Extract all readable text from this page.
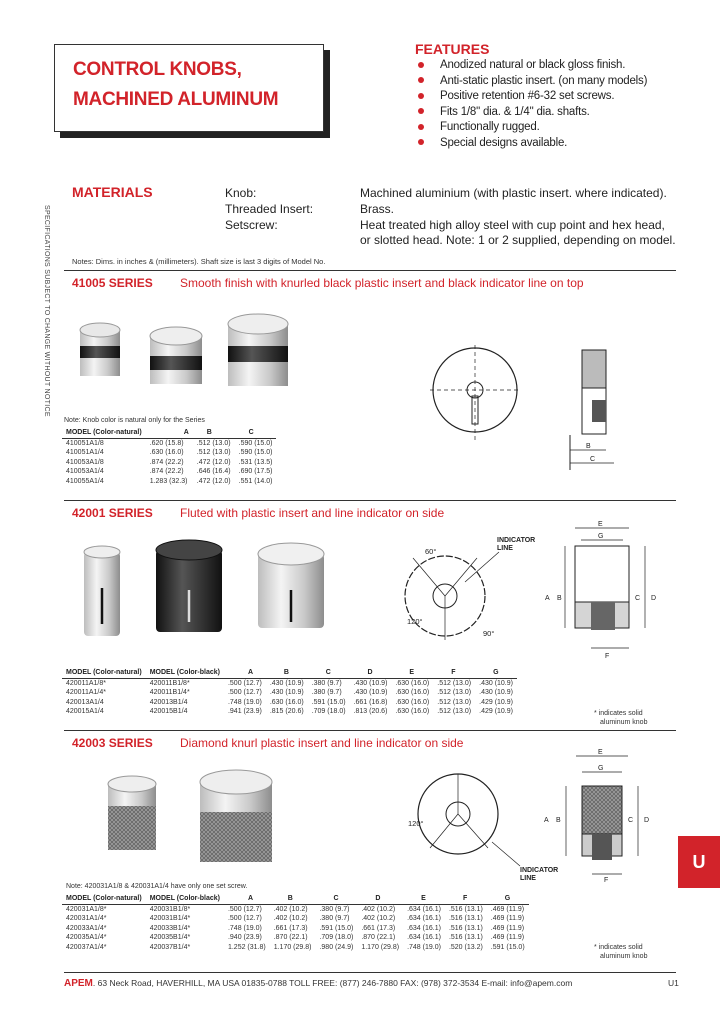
CONTROL KNOBS,
MACHINED ALUMINUM
FEATURES
Anodized natural or black gloss finish.
Anti-static plastic insert. (on many models)
Positive retention #6-32 set screws.
Fits 1/8" dia. & 1/4" dia. shafts.
Functionally rugged.
Special designs available.
SPECIFICATIONS SUBJECT TO CHANGE WITHOUT NOTICE
MATERIALS	Knob:	Machined aluminium (with plastic insert. where indicated).
Threaded Insert:	Brass.
Setscrew:	Heat treated high alloy steel with cup point and hex head,
or slotted head. Note: 1 or 2 supplied, depending on model.
Notes: Dims. in inches & (millimeters). Shaft size is last 3 digits of Model No.
41005 SERIES Smooth finish with knurled black plastic insert and black indicator line on top
B
C
Note: Knob color is natural only for the Series
MODEL (Color-natural)	A	B	C
410051A1/8	.620 (15.8)	.512 (13.0)	.590 (15.0)
410051A1/4	.630 (16.0)	.512 (13.0)	.590 (15.0)
410053A1/8	.874 (22.2)	.472 (12.0)	.531 (13.5)
410053A1/4	.874 (22.2)	.646 (16.4)	.690 (17.5)
410055A1/4	1.283 (32.3)	.472 (12.0)	.551 (14.0)
42001 SERIES Fluted with plastic insert and line indicator on side
60°
120°
90°
INDICATOR
LINE
E
G
A B	C D
F
MODEL (Color-natural)	MODEL (Color-black)	A	B	C	D	E	F	G
420011A1/8*	420011B1/8*	.500 (12.7)	.430 (10.9)	.380 (9.7)	.430 (10.9)	.630 (16.0)	.512 (13.0)	.430 (10.9)
420011A1/4*	420011B1/4*	.500 (12.7)	.430 (10.9)	.380 (9.7)	.430 (10.9)	.630 (16.0)	.512 (13.0)	.430 (10.9)
420013A1/4	420013B1/4	.748 (19.0)	.630 (16.0)	.591 (15.0)	.661 (16.8)	.630 (16.0)	.512 (13.0)	.429 (10.9)
420015A1/4	420015B1/4	.941 (23.9)	.815 (20.6)	.709 (18.0)	.813 (20.6)	.630 (16.0)	.512 (13.0)	.429 (10.9)	* indicates solid
aluminum knob
42003 SERIES Diamond knurl plastic insert and line indicator on side
120°
INDICATOR
LINE
E
G
A B	C D
F
Note: 420031A1/8 & 420031A1/4 have only one set screw.
MODEL (Color-natural)	MODEL (Color-black)	A	B	C	D	E	F	G
420031A1/8*	420031B1/8*	.500 (12.7)	.402 (10.2)	.380 (9.7)	.402 (10.2)	.634 (16.1)	.516 (13.1)	.469 (11.9)
420031A1/4*	420031B1/4*	.500 (12.7)	.402 (10.2)	.380 (9.7)	.402 (10.2)	.634 (16.1)	.516 (13.1)	.469 (11.9)
420033A1/4*	420033B1/4*	.748 (19.0)	.661 (17.3)	.591 (15.0)	.661 (17.3)	.634 (16.1)	.516 (13.1)	.469 (11.9)
420035A1/4*	420035B1/4*	.940 (23.9)	.870 (22.1)	.709 (18.0)	.870 (22.1)	.634 (16.1)	.516 (13.1)	.469 (11.9)
420037A1/4*	420037B1/4*	1.252 (31.8)	1.170 (29.8)	.980 (24.9)	1.170 (29.8)	.748 (19.0)	.520 (13.2)	.591 (15.0)	* indicates solid
aluminum knob
U
APEM. 63 Neck Road, HAVERHILL, MA USA 01835-0788 TOLL FREE: (877) 246-7880 FAX: (978) 372-3534 E-mail: info@apem.com	U1
